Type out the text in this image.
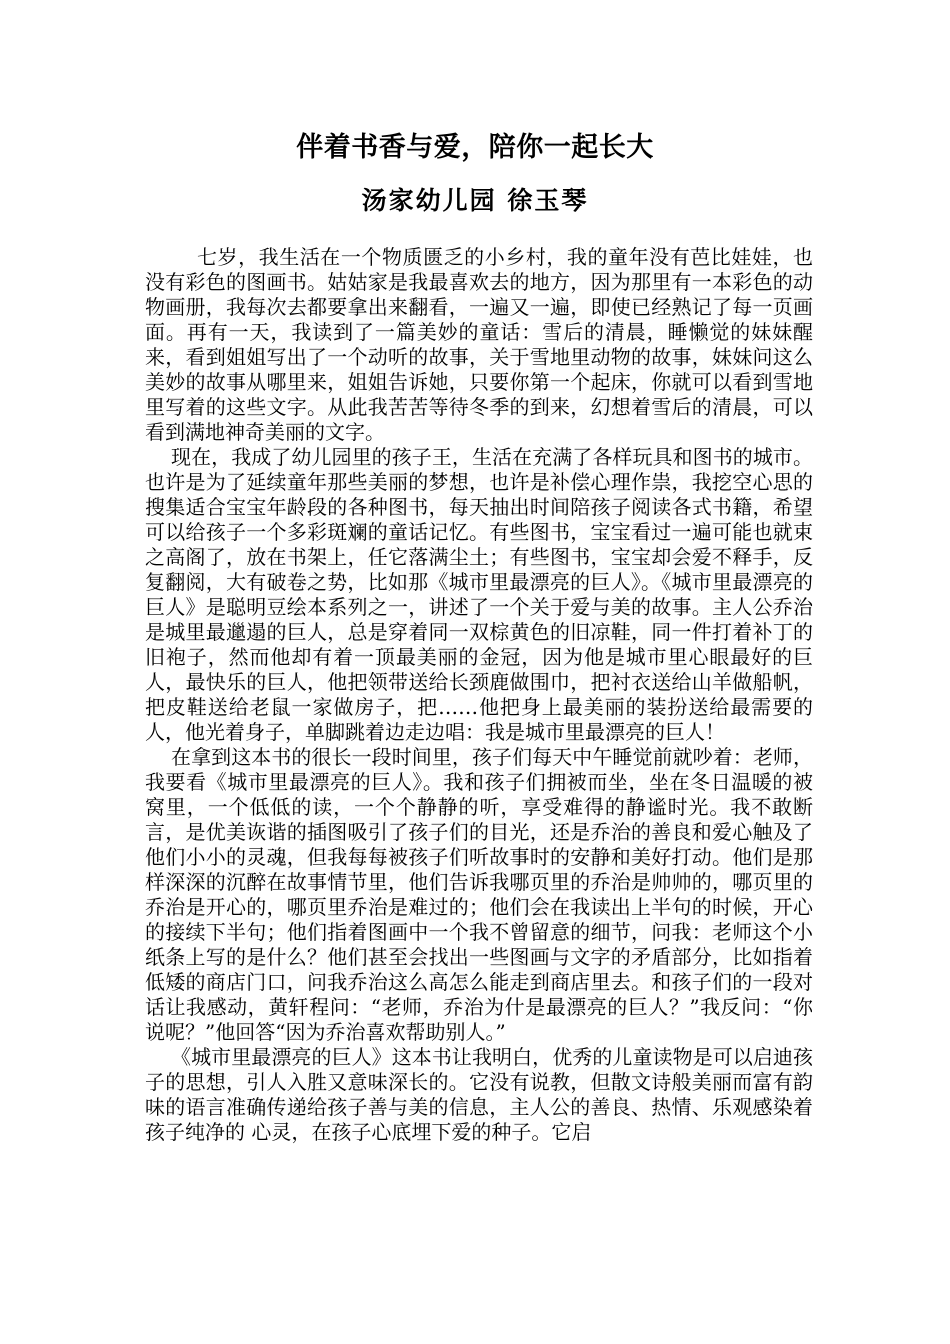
伴着书香与爱，陪你一起长大
汤家幼儿园 徐玉琴

七岁，我生活在一个物质匮乏的小乡村，我的童年没有芭比娃娃，也没有彩色的图画书。姑姑家是我最喜欢去的地方，因为那里有一本彩色的动物画册，我每次去都要拿出来翻看，一遍又一遍，即使已经熟记了每一页画面。再有一天，我读到了一篇美妙的童话：雪后的清晨，睡懒觉的妹妹醒来，看到姐姐写出了一个动听的故事，关于雪地里动物的故事，妹妹问这么美妙的故事从哪里来，姐姐告诉她，只要你第一个起床，你就可以看到雪地里写着的这些文字。从此我苦苦等待冬季的到来，幻想着雪后的清晨，可以看到满地神奇美丽的文字。

现在，我成了幼儿园里的孩子王，生活在充满了各样玩具和图书的城市。也许是为了延续童年那些美丽的梦想，也许是补偿心理作祟，我挖空心思的搜集适合宝宝年龄段的各种图书，每天抽出时间陪孩子阅读各式书籍，希望可以给孩子一个多彩斑斓的童话记忆。有些图书，宝宝看过一遍可能也就束之高阁了，放在书架上，任它落满尘土；有些图书，宝宝却会爱不释手，反复翻阅，大有破卷之势，比如那《城市里最漂亮的巨人》。《城市里最漂亮的巨人》是聪明豆绘本系列之一，讲述了一个关于爱与美的故事。主人公乔治是城里最邋遢的巨人，总是穿着同一双棕黄色的旧凉鞋，同一件打着补丁的旧袍子，然而他却有着一顶最美丽的金冠，因为他是城市里心眼最好的巨 人，最快乐的巨人，他把领带送给长颈鹿做围巾，把衬衣送给山羊做船帆，把皮鞋送给老鼠一家做房子，把……他把身上最美丽的装扮送给最需要的人，他光着身子，单脚跳着边走边唱：我是城市里最漂亮的巨人！

在拿到这本书的很长一段时间里，孩子们每天中午睡觉前就吵着：老师，我要看《城市里最漂亮的巨人》。我和孩子们拥被而坐，坐在冬日温暖的被窝里，一个低低的读，一个个静静的听，享受难得的静谧时光。我不敢断言，是优美诙谐的插图吸引了孩子们的目光，还是乔治的善良和爱心触及了他们小小的灵魂，但我每每被孩子们听故事时的安静和美好打动。他们是那样深深的沉醉在故事情节里，他们告诉我哪页里的乔治是帅帅的，哪页里的乔治是开心的，哪页里乔治是难过的；他们会在我读出上半句的时候，开心的接续下半句；他们指着图画中一个我不曾留意的细节，问我：老师这个小纸条上写的是什么？他们甚至会找出一些图画与文字的矛盾部分，比如指着低矮的商店门口，问我乔治这么高怎么能走到商店里去。和孩子们的一段对话让我感动，黄轩程问：“老师，乔治为什是最漂亮的巨人？”我反问：“你说呢？”他回答“因为乔治喜欢帮助别人。”

《城市里最漂亮的巨人》这本书让我明白，优秀的儿童读物是可以启迪孩子的思想，引人入胜又意味深长的。它没有说教，但散文诗般美丽而富有韵味的语言准确传递给孩子善与美的信息，主人公的善良、热情、乐观感染着孩子纯净的 心灵，在孩子心底埋下爱的种子。它启
